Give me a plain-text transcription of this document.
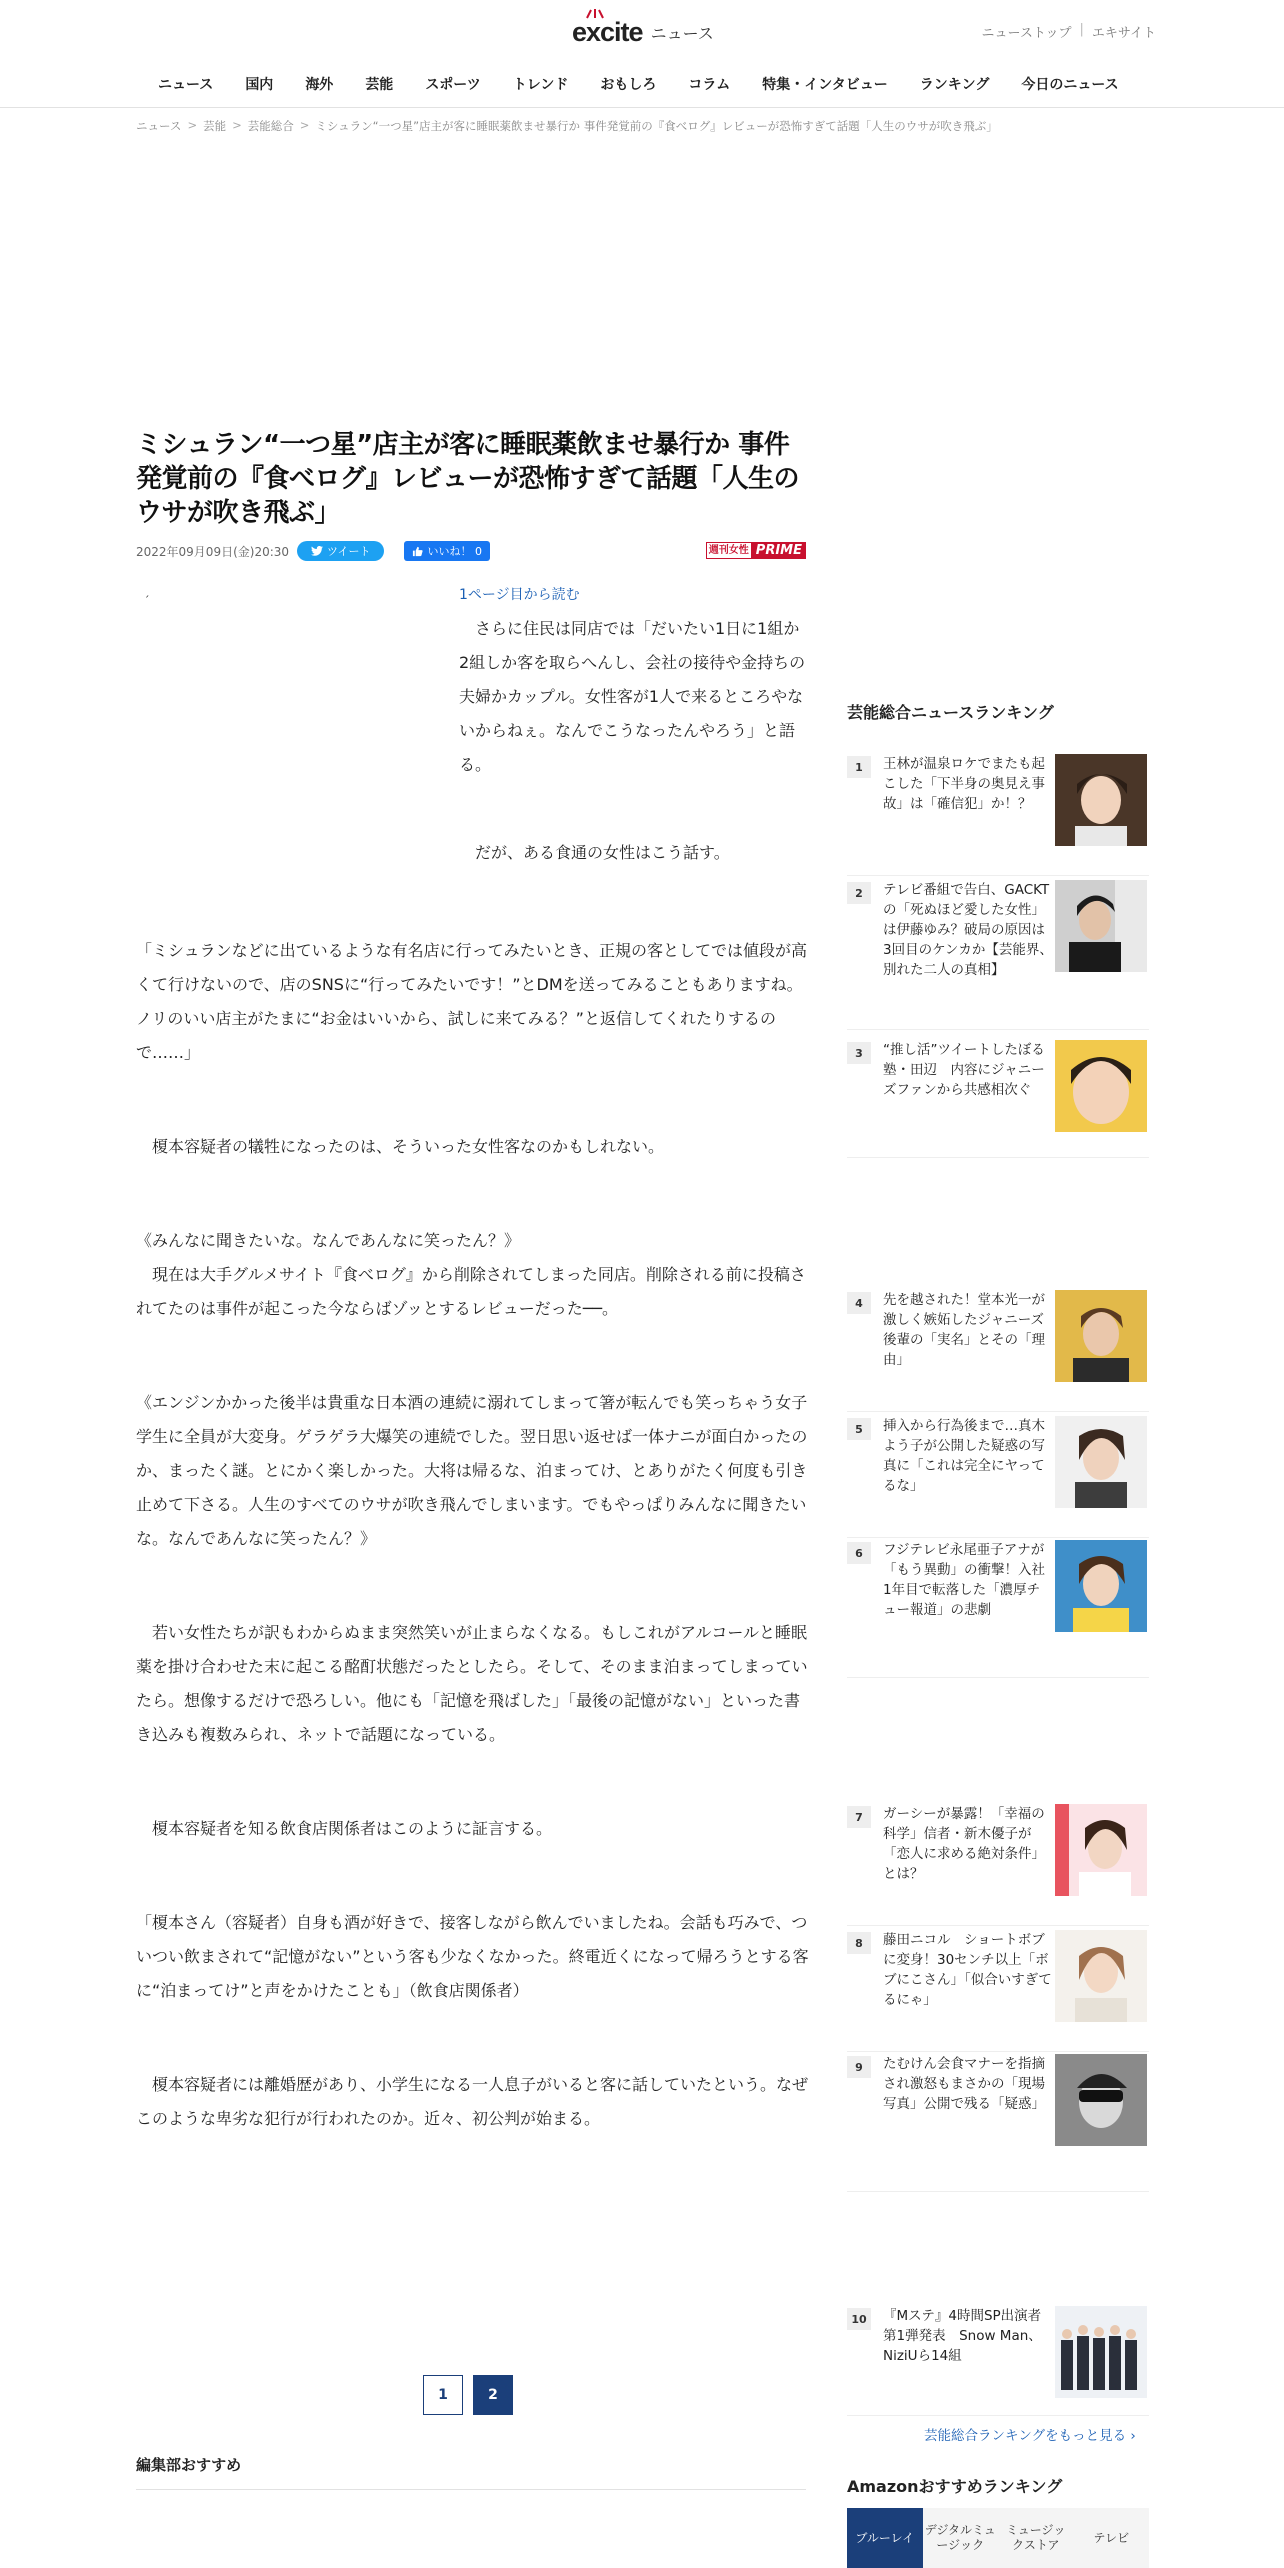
excite ニュース	ニューストップ | エキサイト
ニュース	国内	海外	芸能	スポーツ	トレンド	おもしろ	コラム	特集・インタビュー	ランキング	今日のニュース
ニュース > 芸能 > 芸能総合 > ミシュラン“一つ星”店主が客に睡眠薬飲ませ暴行か 事件発覚前の『食べログ』レビューが恐怖すぎて話題「人生のウサが吹き飛ぶ」
ミシュラン“一つ星”店主が客に睡眠薬飲ませ暴行か 事件発覚前の『食べログ』レビューが恐怖すぎて話題「人生のウサが吹き飛ぶ」
2022年09月09日(金)20:30	ツイート	いいね！ 0	週刊女性 PRIME
´	1ページ目から読む

　さらに住民は同店では「だいたい1日に1組か2組しか客を取らへんし、会社の接待や金持ちの夫婦かカップル。女性客が1人で来るところやないからねぇ。なんでこうなったんやろう」と語る。

　だが、ある食通の女性はこう話す。

「ミシュランなどに出ているような有名店に行ってみたいとき、正規の客としてでは値段が高くて行けないので、店のSNSに“行ってみたいです！”とDMを送ってみることもありますね。ノリのいい店主がたまに“お金はいいから、試しに来てみる？”と返信してくれたりするので……」

　榎本容疑者の犠牲になったのは、そういった女性客なのかもしれない。

《みんなに聞きたいな。なんであんなに笑ったん？》
　現在は大手グルメサイト『食べログ』から削除されてしまった同店。削除される前に投稿されてたのは事件が起こった今ならばゾッとするレビューだった──。

《エンジンかかった後半は貴重な日本酒の連続に溺れてしまって箸が転んでも笑っちゃう女子学生に全員が大変身。ゲラゲラ大爆笑の連続でした。翌日思い返せば一体ナニが面白かったのか、まったく謎。とにかく楽しかった。大将は帰るな、泊まってけ、とありがたく何度も引き止めて下さる。人生のすべてのウサが吹き飛んでしまいます。でもやっぱりみんなに聞きたいな。なんであんなに笑ったん？》

　若い女性たちが訳もわからぬまま突然笑いが止まらなくなる。もしこれがアルコールと睡眠薬を掛け合わせた末に起こる酩酊状態だったとしたら。そして、そのまま泊まってしまっていたら。想像するだけで恐ろしい。他にも「記憶を飛ばした」「最後の記憶がない」といった書き込みも複数みられ、ネットで話題になっている。

　榎本容疑者を知る飲食店関係者はこのように証言する。

「榎本さん（容疑者）自身も酒が好きで、接客しながら飲んでいましたね。会話も巧みで、ついつい飲まされて“記憶がない”という客も少なくなかった。終電近くになって帰ろうとする客に“泊まってけ”と声をかけたことも」（飲食店関係者）

　榎本容疑者には離婚歴があり、小学生になる一人息子がいると客に話していたという。なぜこのような卑劣な犯行が行われたのか。近々、初公判が始まる。

1	2
編集部おすすめ
芸能総合ニュースランキング
1	王林が温泉ロケでまたも起こした「下半身の奥見え事故」は「確信犯」か！？
2	テレビ番組で告白、GACKTの「死ぬほど愛した女性」は伊藤ゆみ？破局の原因は3回目のケンカか【芸能界、別れた二人の真相】
3	“推し活”ツイートしたぼる塾・田辺　内容にジャニーズファンから共感相次ぐ
4	先を越された！堂本光一が激しく嫉妬したジャニーズ後輩の「実名」とその「理由」
5	挿入から行為後まで…真木よう子が公開した疑惑の写真に「これは完全にヤってるな」
6	フジテレビ永尾亜子アナが「もう異動」の衝撃！入社1年目で転落した「濃厚チュー報道」の悲劇
7	ガーシーが暴露！「幸福の科学」信者・新木優子が「恋人に求める絶対条件」とは？
8	藤田ニコル　ショートボブに変身！30センチ以上「ボブにこさん」「似合いすぎてるにゃ」
9	たむけん会食マナーを指摘され激怒もまさかの「現場写真」公開で残る「疑惑」
10	『Mステ』4時間SP出演者第1弾発表　Snow Man、NiziUら14組
芸能総合ランキングをもっと見る ›
Amazonおすすめランキング
ブルーレイ
デジタルミュージック
ミュージックストア
テレビ
